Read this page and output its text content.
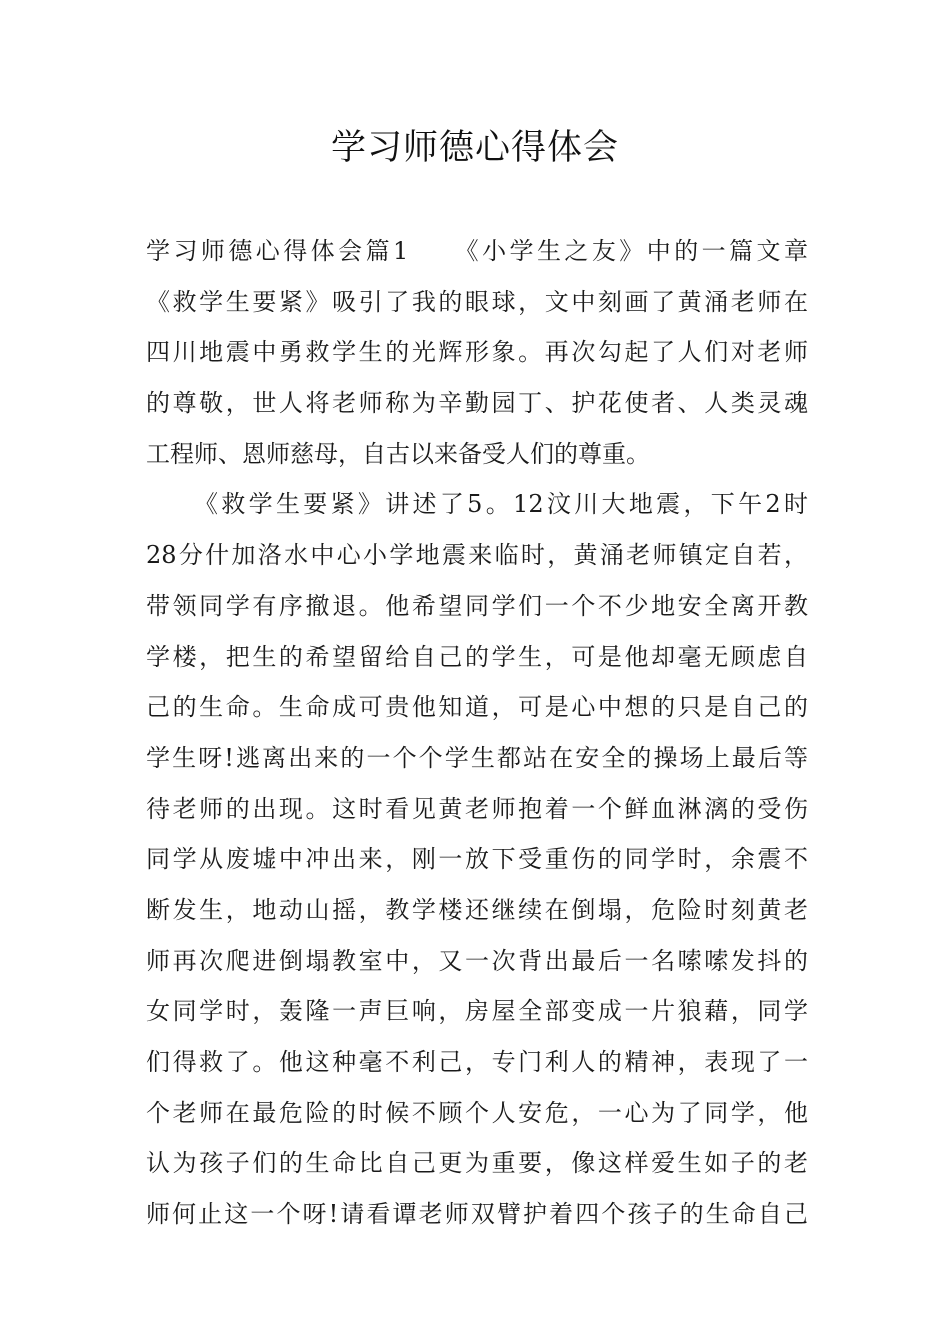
学习师德心得体会
学习师德心得体会篇1　　《小学生之友》中的一篇文章
《救学生要紧》吸引了我的眼球，文中刻画了黄涌老师在
四川地震中勇救学生的光辉形象。再次勾起了人们对老师
的尊敬，世人将老师称为辛勤园丁、护花使者、人类灵魂
工程师、恩师慈母，自古以来备受人们的尊重。
《救学生要紧》讲述了5。12汶川大地震，下午2时
28分什加洛水中心小学地震来临时，黄涌老师镇定自若，
带领同学有序撤退。他希望同学们一个不少地安全离开教
学楼，把生的希望留给自己的学生，可是他却毫无顾虑自
己的生命。生命成可贵他知道，可是心中想的只是自己的
学生呀!逃离出来的一个个学生都站在安全的操场上最后等
待老师的出现。这时看见黄老师抱着一个鲜血淋漓的受伤
同学从废墟中冲出来，刚一放下受重伤的同学时，余震不
断发生，地动山摇，教学楼还继续在倒塌，危险时刻黄老
师再次爬进倒塌教室中，又一次背出最后一名嗦嗦发抖的
女同学时，轰隆一声巨响，房屋全部变成一片狼藉，同学
们得救了。他这种毫不利己，专门利人的精神，表现了一
个老师在最危险的时候不顾个人安危，一心为了同学，他
认为孩子们的生命比自己更为重要，像这样爱生如子的老
师何止这一个呀!请看谭老师双臂护着四个孩子的生命自己
